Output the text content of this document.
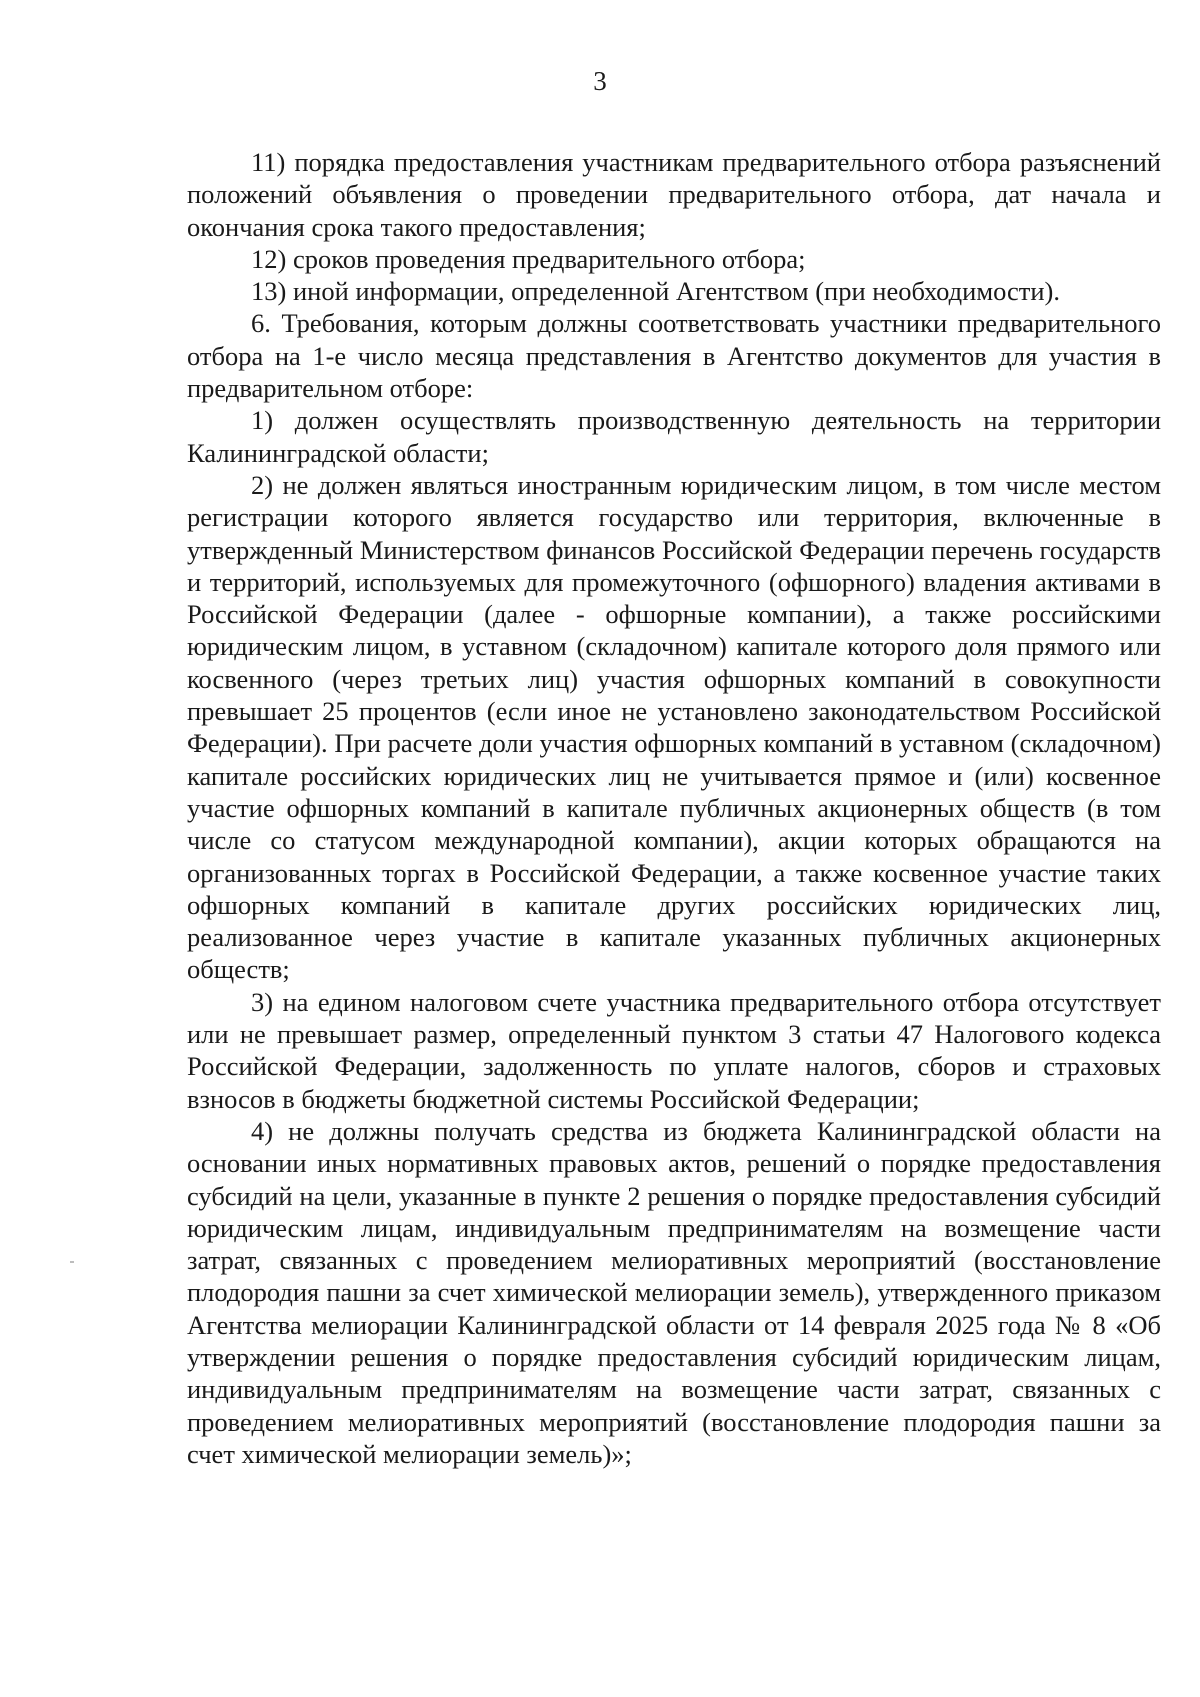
3

11) порядка предоставления участникам предварительного отбора разъяснений положений объявления о проведении предварительного отбора, дат начала и окончания срока такого предоставления;

12) сроков проведения предварительного отбора;

13) иной информации, определенной Агентством (при необходимости).

6. Требования, которым должны соответствовать участники предварительного отбора на 1-е число месяца представления в Агентство документов для участия в предварительном отборе:

1) должен осуществлять производственную деятельность на территории Калининградской области;

2) не должен являться иностранным юридическим лицом, в том числе местом регистрации которого является государство или территория, включенные в утвержденный Министерством финансов Российской Федерации перечень государств и территорий, используемых для промежуточного (офшорного) владения активами в Российской Федерации (далее - офшорные компании), а также российскими юридическим лицом, в уставном (складочном) капитале которого доля прямого или косвенного (через третьих лиц) участия офшорных компаний в совокупности превышает 25 процентов (если иное не установлено законодательством Российской Федерации). При расчете доли участия офшорных компаний в уставном (складочном) капитале российских юридических лиц не учитывается прямое и (или) косвенное участие офшорных компаний в капитале публичных акционерных обществ (в том числе со статусом международной компании), акции которых обращаются на организованных торгах в Российской Федерации, а также косвенное участие таких офшорных компаний в капитале других российских юридических лиц, реализованное через участие в капитале указанных публичных акционерных обществ;

3) на едином налоговом счете участника предварительного отбора отсутствует или не превышает размер, определенный пунктом 3 статьи 47 Налогового кодекса Российской Федерации, задолженность по уплате налогов, сборов и страховых взносов в бюджеты бюджетной системы Российской Федерации;

4) не должны получать средства из бюджета Калининградской области на основании иных нормативных правовых актов, решений о порядке предоставления субсидий на цели, указанные в пункте 2 решения о порядке предоставления субсидий юридическим лицам, индивидуальным предпринимателям на возмещение части затрат, связанных с проведением мелиоративных мероприятий (восстановление плодородия пашни за счет химической мелиорации земель), утвержденного приказом Агентства мелиорации Калининградской области от 14 февраля 2025 года № 8 «Об утверждении решения о порядке предоставления субсидий юридическим лицам, индивидуальным предпринимателям на возмещение части затрат, связанных с проведением мелиоративных мероприятий (восстановление плодородия пашни за счет химической мелиорации земель)»;
